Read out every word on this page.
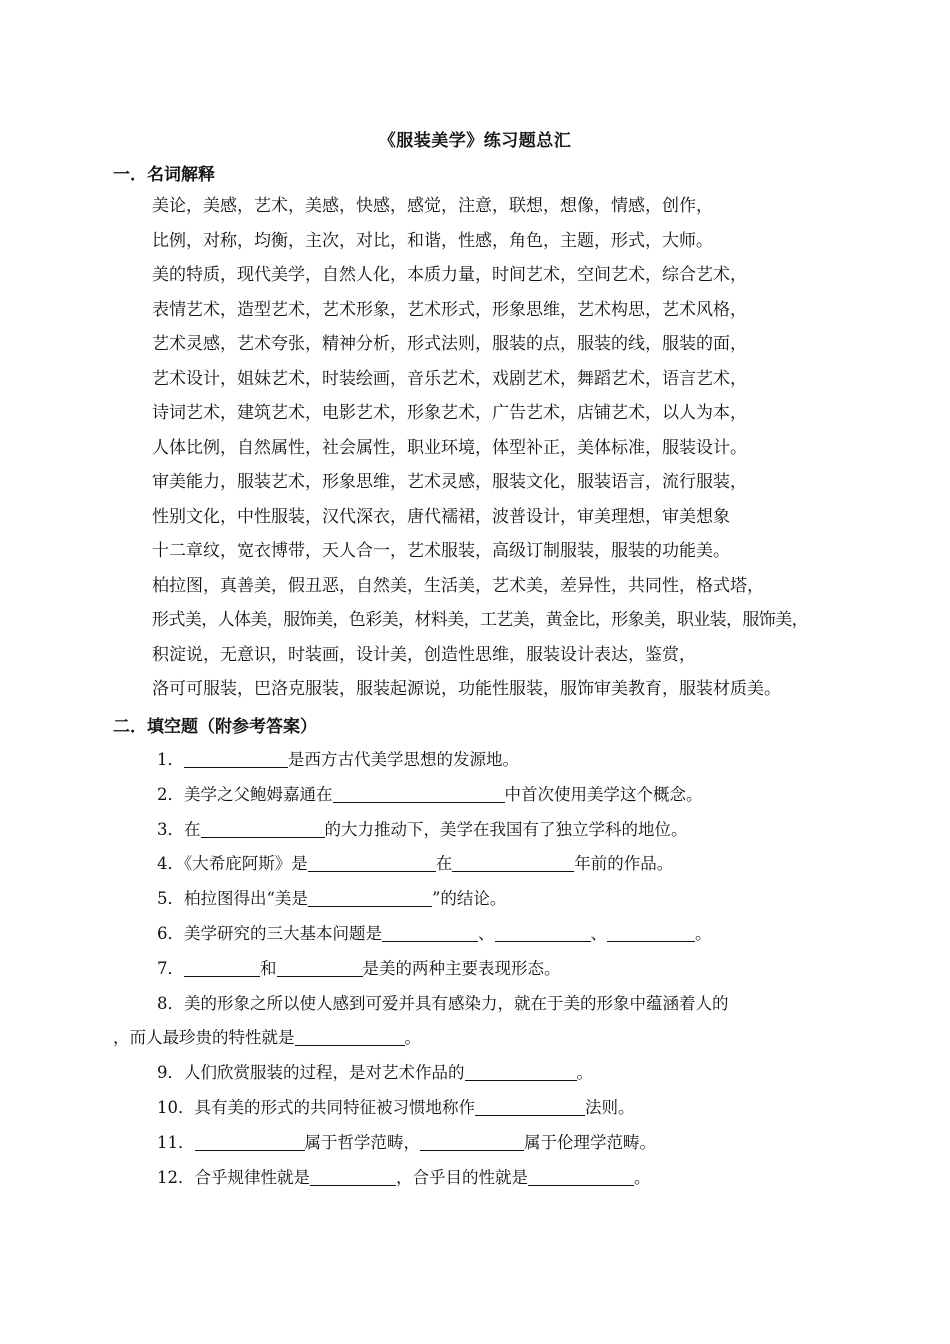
《服装美学》练习题总汇
一．名词解释
美论，美感，艺术，美感，快感，感觉，注意，联想，想像，情感，创作，
比例，对称，均衡，主次，对比，和谐，性感，角色，主题，形式，大师。
美的特质，现代美学，自然人化，本质力量，时间艺术，空间艺术，综合艺术，
表情艺术，造型艺术，艺术形象，艺术形式，形象思维，艺术构思，艺术风格，
艺术灵感，艺术夸张，精神分析，形式法则，服装的点，服装的线，服装的面，
艺术设计，姐妹艺术，时装绘画，音乐艺术，戏剧艺术，舞蹈艺术，语言艺术，
诗词艺术，建筑艺术，电影艺术，形象艺术，广告艺术，店铺艺术，以人为本，
人体比例，自然属性，社会属性，职业环境，体型补正，美体标准，服装设计。
审美能力，服装艺术，形象思维，艺术灵感，服装文化，服装语言，流行服装，
性别文化，中性服装，汉代深衣，唐代襦裙，波普设计，审美理想，审美想象
十二章纹，宽衣博带，天人合一，艺术服装，高级订制服装，服装的功能美。
柏拉图，真善美，假丑恶，自然美，生活美，艺术美，差异性，共同性，格式塔，
形式美，人体美，服饰美，色彩美，材料美，工艺美，黄金比，形象美，职业装，服饰美，
积淀说，无意识，时装画，设计美，创造性思维，服装设计表达，鉴赏，
洛可可服装，巴洛克服装，服装起源说，功能性服装，服饰审美教育，服装材质美。
二．填空题（附参考答案）
1．	是西方古代美学思想的发源地。
2．美学之父鲍姆嘉通在	中首次使用美学这个概念。
3．在	的大力推动下，美学在我国有了独立学科的地位。
4．《大希庇阿斯》是	在	年前的作品。
5．柏拉图得出“美是	”的结论。
6．美学研究的三大基本问题是	、	、	。
7．	和	是美的两种主要表现形态。
8．美的形象之所以使人感到可爱并具有感染力，就在于美的形象中蕴涵着人的
，而人最珍贵的特性就是	。
9．人们欣赏服装的过程，是对艺术作品的	。
10．具有美的形式的共同特征被习惯地称作	法则。
11．	属于哲学范畴，	属于伦理学范畴。
12．合乎规律性就是	，合乎目的性就是	。
